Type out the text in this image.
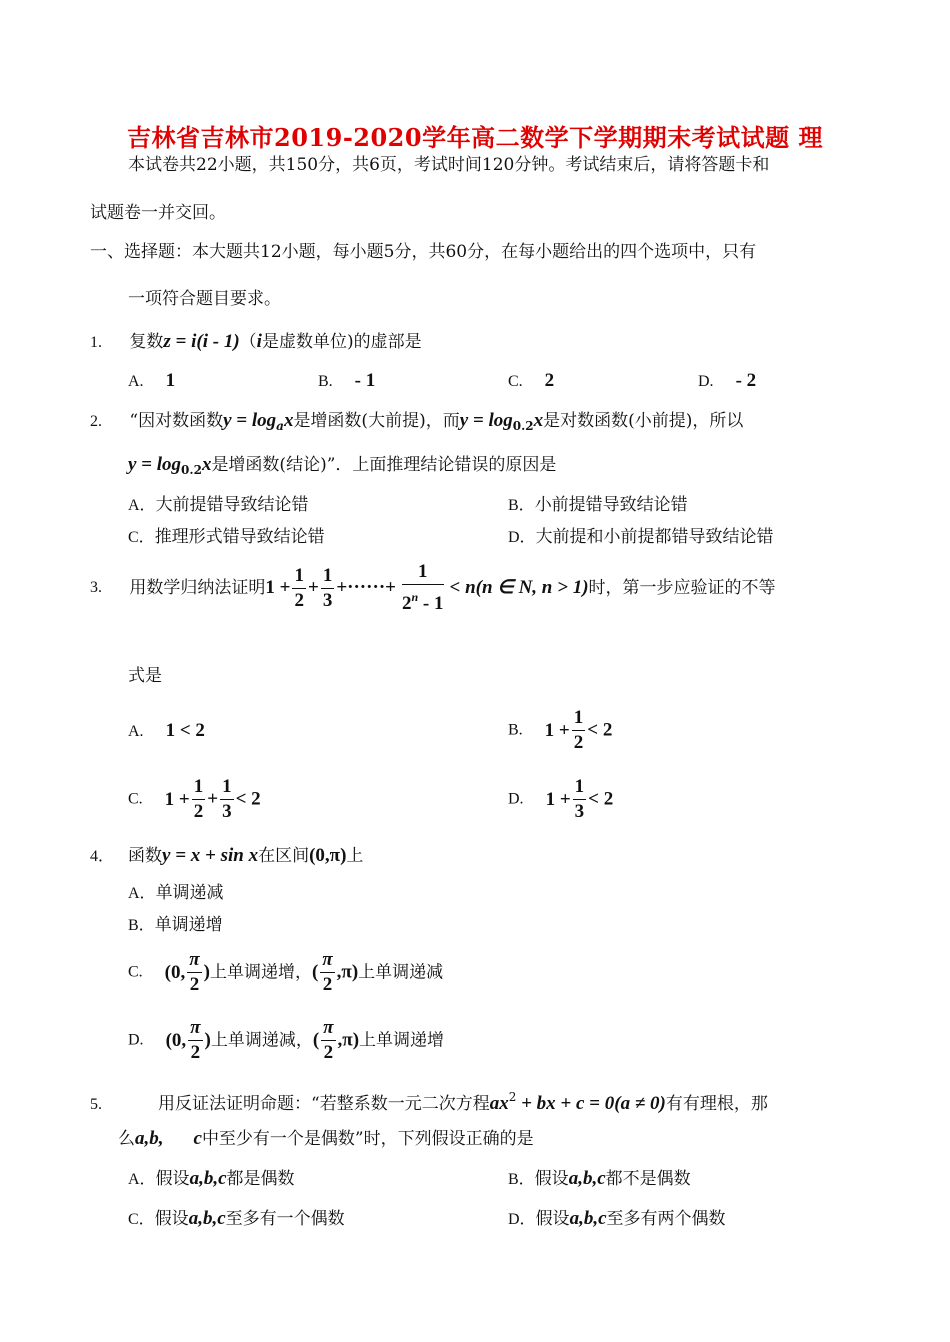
吉林省吉林市2019-2020学年高二数学下学期期末考试试题 理
本试卷共22小题，共150分，共6页，考试时间120分钟。考试结束后，请将答题卡和
试题卷一并交回。
一、选择题：本大题共12小题，每小题5分，共60分，在每小题给出的四个选项中，只有
一项符合题目要求。
1. 复数z = i(i - 1)（i是虚数单位)的虚部是
A. 1	B. - 1	C. 2	D. - 2
2. “因对数函数$y = \log_ax$是增函数(大前提)，而$y = \log_{0.2}x$是对数函数(小前提)，所以
$y = \log_{0.2}x$是增函数(结论)”．上面推理结论错误的原因是
A．大前提错导致结论错	B．小前提错导致结论错
C．推理形式错导致结论错	D．大前提和小前提都错导致结论错
3. 用数学归纳法证明$1 + \frac{1}{2} + \frac{1}{3}$ +······+ $\frac{1}{2^n - 1} < n(n$ ∈ N, n > 1)时，第一步应验证的不等
式是
A. 1 < 2	B. $1 + \frac{1}{2} < 2$
C. $1 + \frac{1}{2} + \frac{1}{3} < 2$	D. $1 + \frac{1}{3} < 2$
4． 函数y = x + sin x在区间(0,π)上
A．单调递减
B．单调递增
C. (0, $\frac{\pi}{2}$ )上单调递增，( $\frac{\pi}{2} ,\pi$)上单调递减
D. (0, $\frac{\pi}{2}$ )上单调递减，( $\frac{\pi}{2} ,\pi$)上单调递增
5.	用反证法证明命题：“若整系数一元二次方程$ax^2$ + bx + c = 0(a ≠ 0)有有理根，那
么a,b, c中至少有一个是偶数”时，下列假设正确的是
A．假设a,b,c都是偶数	B．假设a,b,c都不是偶数
C．假设a,b,c至多有一个偶数	D．假设a,b,c至多有两个偶数
